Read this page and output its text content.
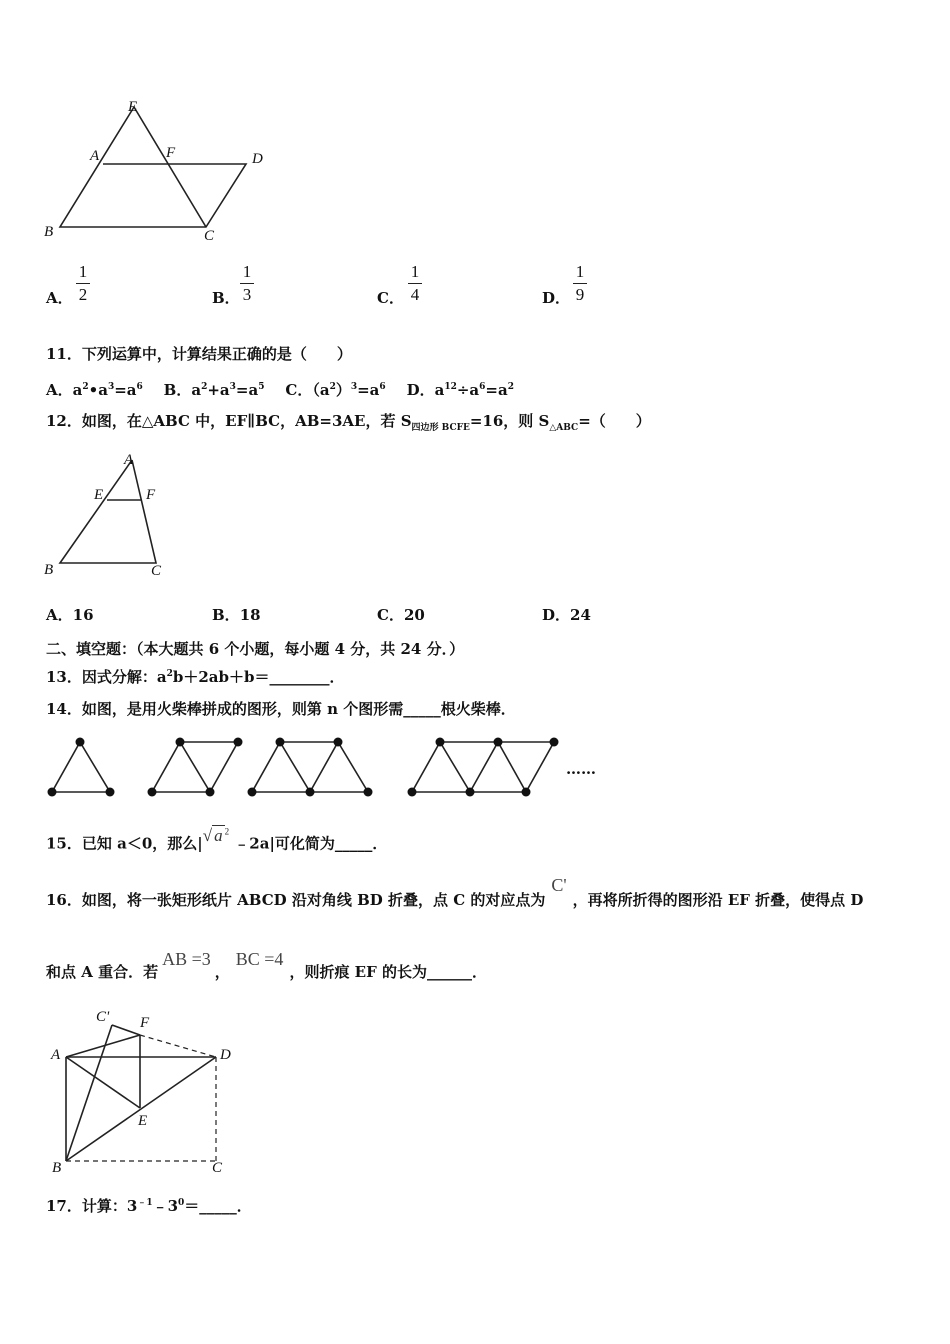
E
A	F	D
B	C
A．
1
2	B．
1
3	C．
1
4	D．
1
9
11．下列运算中，计算结果正确的是（　　）
A．$a^2•a^3=a^6$ B．$a^2+a^3=a^5$ C．$(a^2)^3=a^6$ D．$a^{12}\div a^6=a^2$
12．如图，在△ABC 中，EF∥BC，AB=3AE，若 $S_{四边形 BCFE}=16$，则 $S_{\triangle ABC}=$（　　）
A
E	F
B	C
A．16	B．18	C．20	D．24
二、填空题：（本大题共 6 个小题，每小题 4 分，共 24 分．）
13．因式分解：$a^2b+2ab+b=\_\_\_\_\_\_\_\_$．
14．如图，是用火柴棒拼成的图形，则第 n 个图形需_____根火柴棒．
……
15．已知 a＜0，那么|√ a $^2$ ﹣2a|可化简为_____．
16．如图，将一张矩形纸片 ABCD 沿对角线 BD 折叠，点 C 的对应点为C'，再将所折得的图形沿 EF 折叠，使得点 D
和点 A 重合．若AB =3，BC =4，则折痕 EF 的长为______．
C' F
A	D
E
B	C
17．计算：$3^{﹣1}﹣3^0=\_\_\_\_\_$．
